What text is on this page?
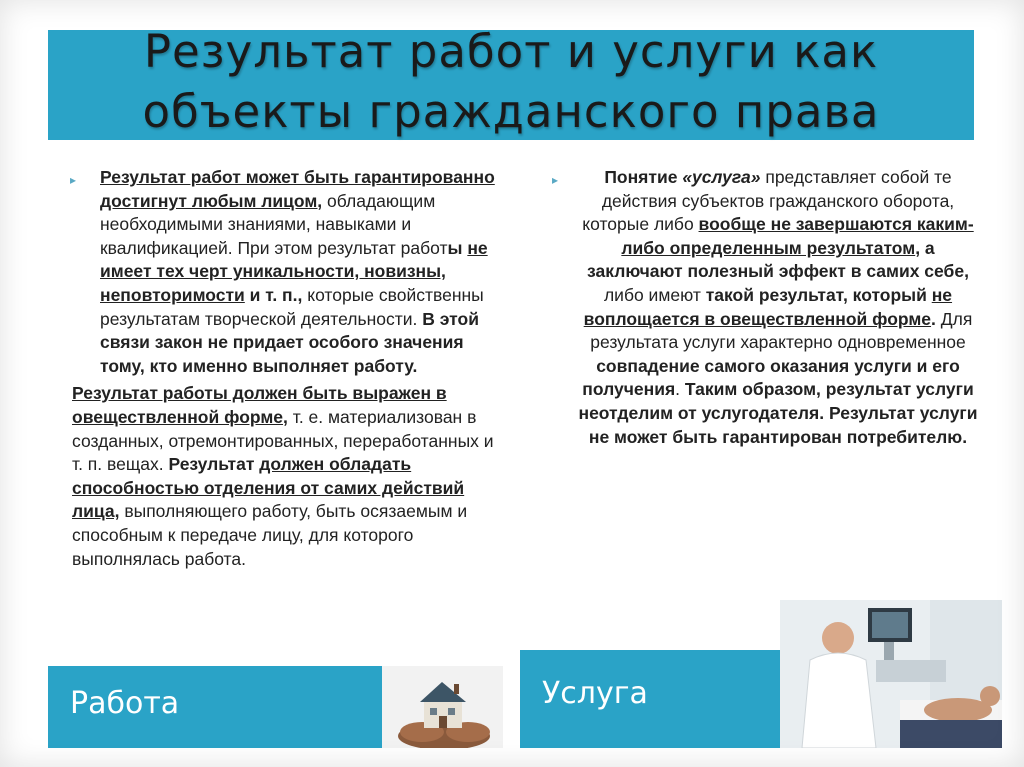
Результат работ и услуги как
объекты гражданского права

▸	Результат работ может быть гарантированно достигнут любым лицом, обладающим необходимыми знаниями, навыками и квалификацией. При этом результат работы не имеет тех черт уникальности, новизны, неповторимости и т. п., которые свойственны результатам творческой деятельности. В этой связи закон не придает особого значения тому, кто именно выполняет работу.

Результат работы должен быть выражен в овеществленной форме, т. е. материализован в созданных, отремонтированных, переработанных и т. п. вещах. Результат должен обладать способностью отделения от самих действий лица, выполняющего работу, быть осязаемым и способным к передаче лицу, для которого выполнялась работа.

▸	Понятие «услуга» представляет собой те действия субъектов гражданского оборота, которые либо вообще не завершаются каким-либо определенным результатом, а заключают полезный эффект в самих себе, либо имеют такой результат, который не воплощается в овеществленной форме. Для результата услуги характерно одновременное совпадение самого оказания услуги и его получения. Таким образом, результат услуги неотделим от услугодателя. Результат услуги не может быть гарантирован потребителю.

Работа	Услуга
